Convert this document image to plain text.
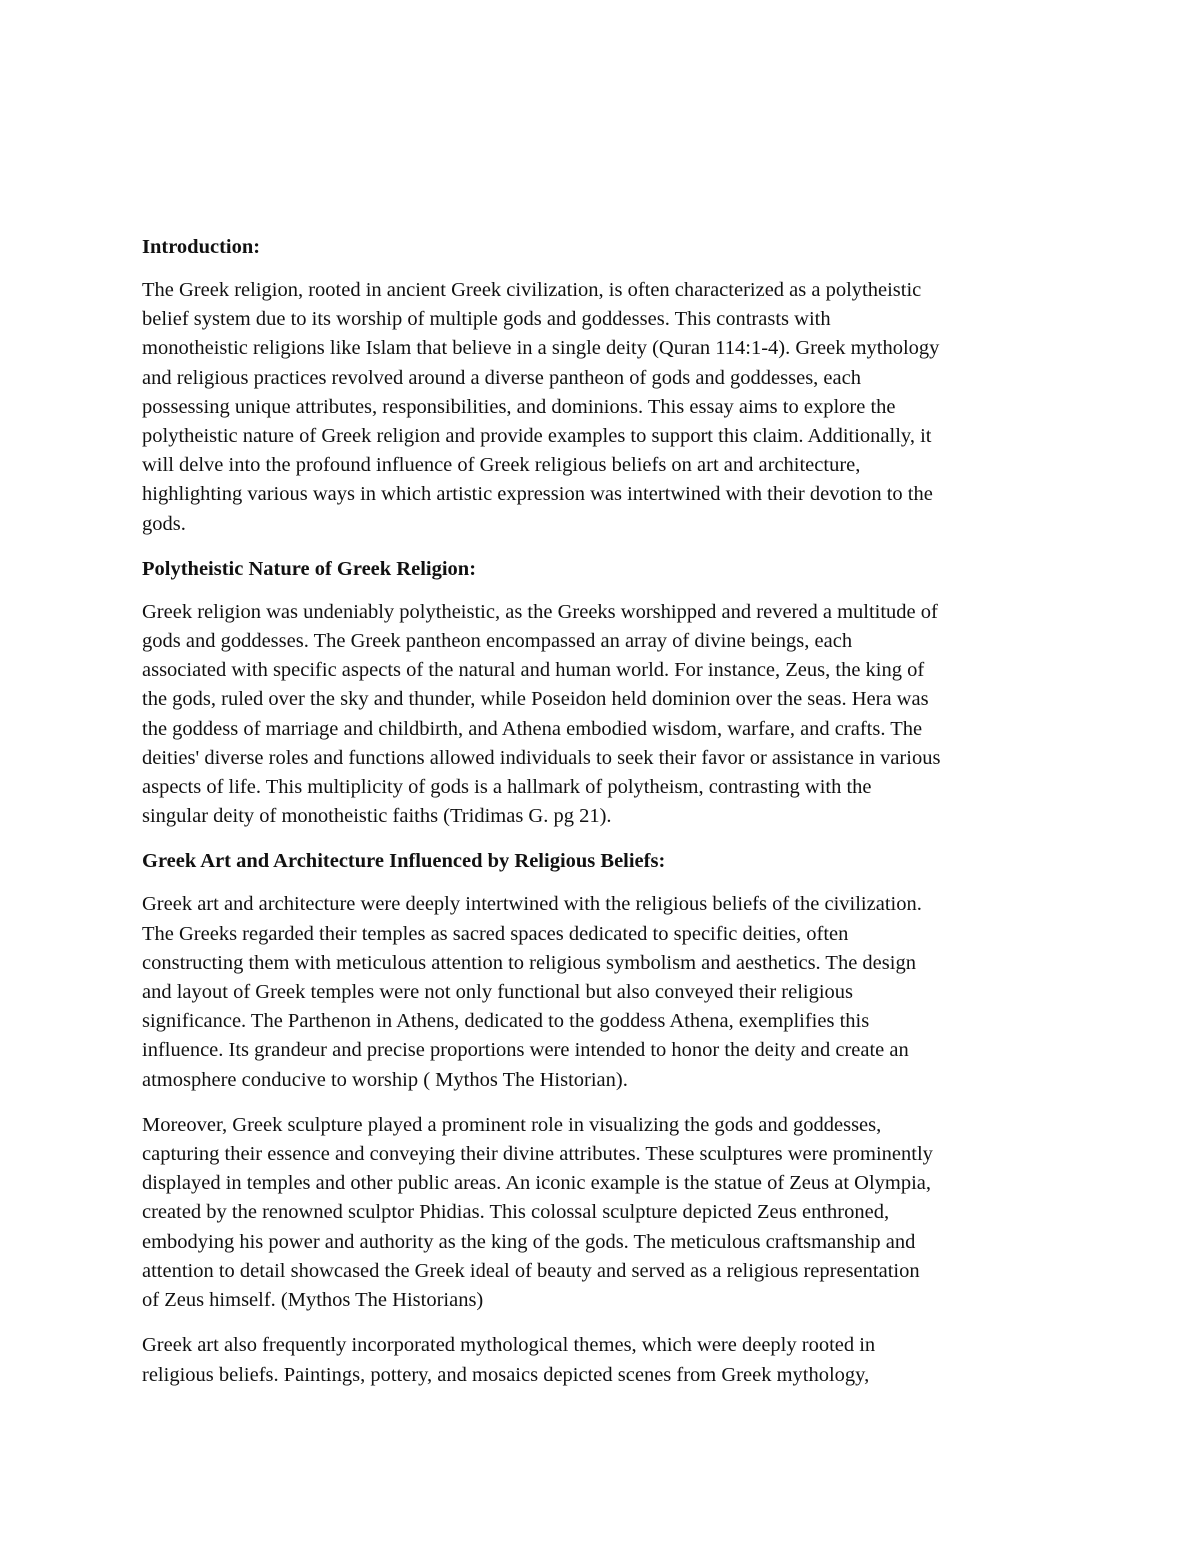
Introduction:
The Greek religion, rooted in ancient Greek civilization, is often characterized as a polytheistic
belief system due to its worship of multiple gods and goddesses. This contrasts with
monotheistic religions like Islam that believe in a single deity (Quran 114:1-4). Greek mythology
and religious practices revolved around a diverse pantheon of gods and goddesses, each
possessing unique attributes, responsibilities, and dominions. This essay aims to explore the
polytheistic nature of Greek religion and provide examples to support this claim. Additionally, it
will delve into the profound influence of Greek religious beliefs on art and architecture,
highlighting various ways in which artistic expression was intertwined with their devotion to the
gods.
Polytheistic Nature of Greek Religion:
Greek religion was undeniably polytheistic, as the Greeks worshipped and revered a multitude of
gods and goddesses. The Greek pantheon encompassed an array of divine beings, each
associated with specific aspects of the natural and human world. For instance, Zeus, the king of
the gods, ruled over the sky and thunder, while Poseidon held dominion over the seas. Hera was
the goddess of marriage and childbirth, and Athena embodied wisdom, warfare, and crafts. The
deities' diverse roles and functions allowed individuals to seek their favor or assistance in various
aspects of life. This multiplicity of gods is a hallmark of polytheism, contrasting with the
singular deity of monotheistic faiths (Tridimas G. pg 21).
Greek Art and Architecture Influenced by Religious Beliefs:
Greek art and architecture were deeply intertwined with the religious beliefs of the civilization.
The Greeks regarded their temples as sacred spaces dedicated to specific deities, often
constructing them with meticulous attention to religious symbolism and aesthetics. The design
and layout of Greek temples were not only functional but also conveyed their religious
significance. The Parthenon in Athens, dedicated to the goddess Athena, exemplifies this
influence. Its grandeur and precise proportions were intended to honor the deity and create an
atmosphere conducive to worship ( Mythos The Historian).
Moreover, Greek sculpture played a prominent role in visualizing the gods and goddesses,
capturing their essence and conveying their divine attributes. These sculptures were prominently
displayed in temples and other public areas. An iconic example is the statue of Zeus at Olympia,
created by the renowned sculptor Phidias. This colossal sculpture depicted Zeus enthroned,
embodying his power and authority as the king of the gods. The meticulous craftsmanship and
attention to detail showcased the Greek ideal of beauty and served as a religious representation
of Zeus himself. (Mythos The Historians)
Greek art also frequently incorporated mythological themes, which were deeply rooted in
religious beliefs. Paintings, pottery, and mosaics depicted scenes from Greek mythology,
